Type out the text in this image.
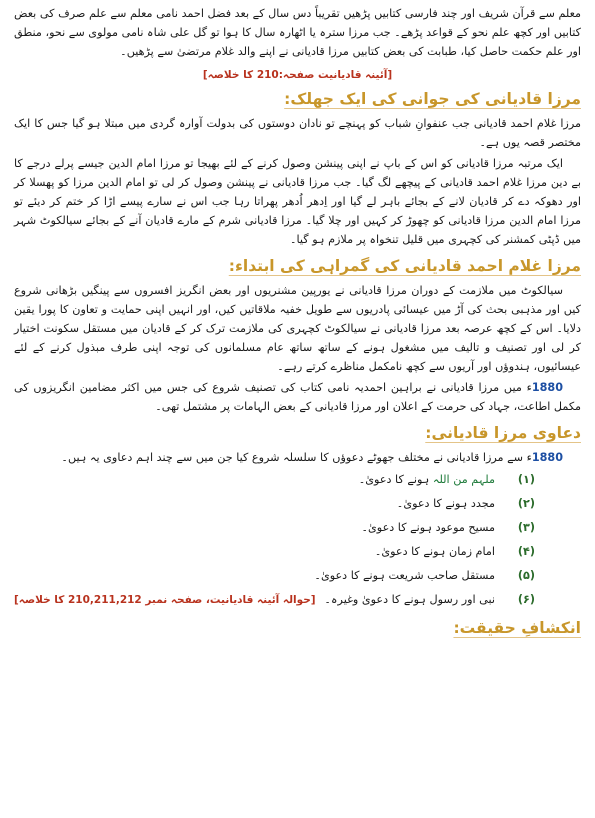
معلم سے قرآن شریف اور چند فارسی کتابیں پڑھیں تقریباً دس سال کے بعد فضل احمد نامی معلم سے علم صرف کی بعض کتابیں اور کچھ علم نحو کے قواعد پڑھے۔ جب مرزا سترہ یا اٹھارہ سال کا ہوا تو گل علی شاہ نامی مولوی سے نحو، منطق اور علم حکمت حاصل کیا، طبابت کی بعض کتابیں مرزا قادیانی نے اپنے والد غلام مرتضیٰ سے پڑھیں۔

[آئینہ قادیانیت صفحہ:210 کا خلاصہ]
مرزا قادیانی کی جوانی کی ایک جھلک:

مرزا غلام احمد قادیانی جب عنفوانِ شباب کو پہنچے تو نادان دوستوں کی بدولت آوارہ گردی میں مبتلا ہو گیا جس کا ایک مختصر قصہ یوں ہے۔

ایک مرتبہ مرزا قادیانی کو اس کے باپ نے اپنی پینشن وصول کرنے کے لئے بھیجا تو مرزا امام الدین جیسے پرلے درجے کا بے دین مرزا غلام احمد قادیانی کے پیچھے لگ گیا۔ جب مرزا قادیانی نے پینشن وصول کر لی تو امام الدین مرزا کو پھسلا کر اور دھوکہ دے کر قادیان لانے کے بجائے باہر لے گیا اور اِدھر اُدھر پھراتا رہا جب اس نے سارے پیسے اڑا کر ختم کر دیئے تو مرزا امام الدین مرزا قادیانی کو چھوڑ کر کہیں اور چلا گیا۔ مرزا قادیانی شرم کے مارے قادیان آنے کے بجائے سیالکوٹ شہر میں ڈپٹی کمشنر کی کچہری میں قلیل تنخواہ پر ملازم ہو گیا۔

مرزا غلام احمد قادیانی کی گمراہی کی ابتداء:

سیالکوٹ میں ملازمت کے دوران مرزا قادیانی نے یورپین مشنریوں اور بعض انگریز افسروں سے پینگیں بڑھانی شروع کیں اور مذہبی بحث کی آڑ میں عیسائی پادریوں سے طویل خفیہ ملاقاتیں کیں، اور انہیں اپنی حمایت و تعاون کا پورا یقین دلایا۔ اس کے کچھ عرصہ بعد مرزا قادیانی نے سیالکوٹ کچہری کی ملازمت ترک کر کے قادیان میں مستقل سکونت اختیار کر لی اور تصنیف و تالیف میں مشغول ہونے کے ساتھ ساتھ عام مسلمانوں کی توجہ اپنی طرف مبذول کرنے کے لئے عیسائیوں، ہندوؤں اور آریوں سے کچھ نامکمل مناظرے کرتے رہے۔

1880ء میں مرزا قادیانی نے براہین احمدیہ نامی کتاب کی تصنیف شروع کی جس میں اکثر مضامین انگریزوں کی مکمل اطاعت، جہاد کی حرمت کے اعلان اور مرزا قادیانی کے بعض الہامات پر مشتمل تھی۔

دعاوی مرزا قادیانی:

1880ء سے مرزا قادیانی نے مختلف جھوٹے دعوؤں کا سلسلہ شروع کیا جن میں سے چند اہم دعاوی یہ ہیں۔

(۱)
ملہم من اللہ ہونے کا دعویٰ۔
(۲)
مجدد ہونے کا دعویٰ۔
(۳)
مسیح موعود ہونے کا دعویٰ۔
(۴)
امام زمان ہونے کا دعویٰ۔
(۵)
مستقل صاحب شریعت ہونے کا دعویٰ۔
(۶)
نبی اور رسول ہونے کا دعویٰ وغیرہ۔
[حوالہ آئینہ قادیانیت، صفحہ نمبر 210,211,212 کا خلاصہ]
انکشافِ حقیقت:
